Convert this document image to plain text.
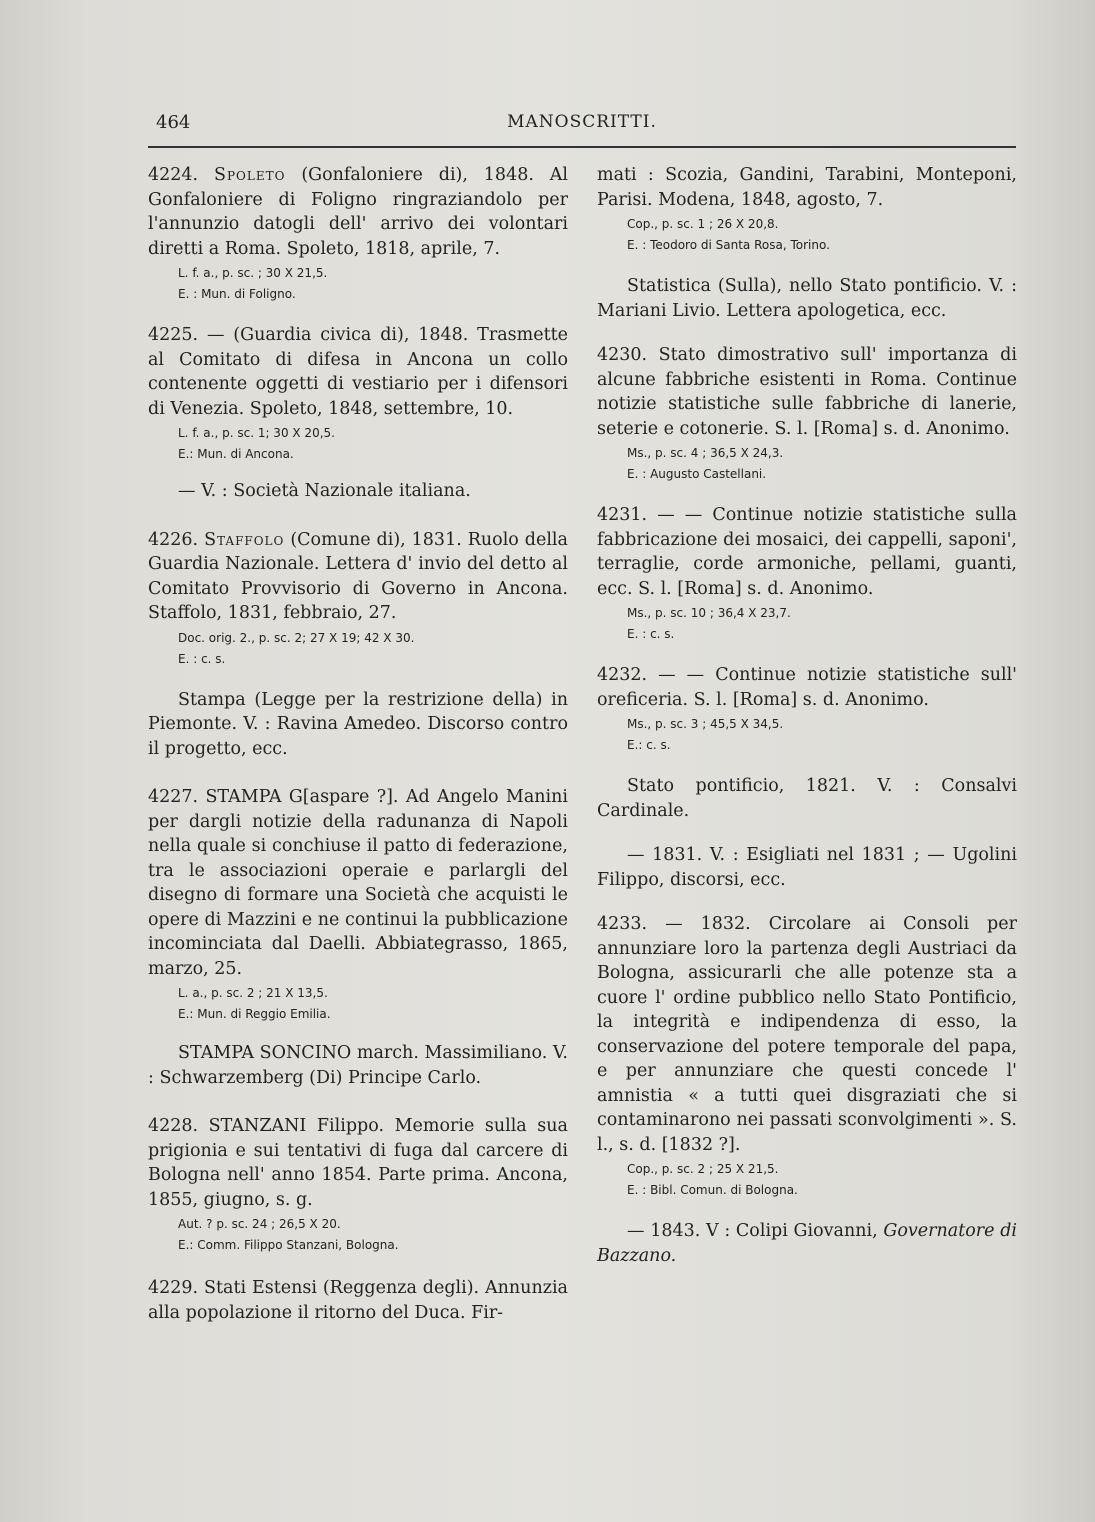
464	MANOSCRITTI.
4224. Spoleto (Gonfaloniere di), 1848. Al Gonfaloniere di Foligno ringraziandolo per l'annunzio datogli dell' arrivo dei volontari diretti a Roma. Spoleto, 1818, aprile, 7.
L. f. a., p. sc. ; 30 X 21,5.
E. : Mun. di Foligno.
4225. — (Guardia civica di), 1848. Trasmette al Comitato di difesa in Ancona un collo contenente oggetti di vestiario per i difensori di Venezia. Spoleto, 1848, settembre, 10.
L. f. a., p. sc. 1; 30 X 20,5.
E.: Mun. di Ancona.
— V. : Società Nazionale italiana.
4226. Staffolo (Comune di), 1831. Ruolo della Guardia Nazionale. Lettera d' invio del detto al Comitato Provvisorio di Governo in Ancona. Staffolo, 1831, febbraio, 27.
Doc. orig. 2., p. sc. 2; 27 X 19; 42 X 30.
E. : c. s.
Stampa (Legge per la restrizione della) in Piemonte. V. : Ravina Amedeo. Discorso contro il progetto, ecc.
4227. STAMPA G[aspare ?]. Ad Angelo Manini per dargli notizie della radunanza di Napoli nella quale si conchiuse il patto di federazione, tra le associazioni operaie e parlargli del disegno di formare una Società che acquisti le opere di Mazzini e ne continui la pubblicazione incominciata dal Daelli. Abbiategrasso, 1865, marzo, 25.
L. a., p. sc. 2 ; 21 X 13,5.
E.: Mun. di Reggio Emilia.
STAMPA SONCINO march. Massimiliano. V. : Schwarzemberg (Di) Principe Carlo.
4228. STANZANI Filippo. Memorie sulla sua prigionia e sui tentativi di fuga dal carcere di Bologna nell' anno 1854. Parte prima. Ancona, 1855, giugno, s. g.
Aut. ? p. sc. 24 ; 26,5 X 20.
E.: Comm. Filippo Stanzani, Bologna.
4229. Stati Estensi (Reggenza degli). Annunzia alla popolazione il ritorno del Duca. Fir-
mati : Scozia, Gandini, Tarabini, Monteponi, Parisi. Modena, 1848, agosto, 7.
Cop., p. sc. 1 ; 26 X 20,8.
E. : Teodoro di Santa Rosa, Torino.
Statistica (Sulla), nello Stato pontificio. V. : Mariani Livio. Lettera apologetica, ecc.
4230. Stato dimostrativo sull' importanza di alcune fabbriche esistenti in Roma. Continue notizie statistiche sulle fabbriche di lanerie, seterie e cotonerie. S. l. [Roma] s. d. Anonimo.
Ms., p. sc. 4 ; 36,5 X 24,3.
E. : Augusto Castellani.
4231. — — Continue notizie statistiche sulla fabbricazione dei mosaici, dei cappelli, saponi', terraglie, corde armoniche, pellami, guanti, ecc. S. l. [Roma] s. d. Anonimo.
Ms., p. sc. 10 ; 36,4 X 23,7.
E. : c. s.
4232. — — Continue notizie statistiche sull' oreficeria. S. l. [Roma] s. d. Anonimo.
Ms., p. sc. 3 ; 45,5 X 34,5.
E.: c. s.
Stato pontificio, 1821. V. : Consalvi Cardinale.
— 1831. V. : Esigliati nel 1831 ; — Ugolini Filippo, discorsi, ecc.
4233. — 1832. Circolare ai Consoli per annunziare loro la partenza degli Austriaci da Bologna, assicurarli che alle potenze sta a cuore l' ordine pubblico nello Stato Pontificio, la integrità e indipendenza di esso, la conservazione del potere temporale del papa, e per annunziare che questi concede l' amnistia « a tutti quei disgraziati che si contaminarono nei passati sconvolgimenti ». S. l., s. d. [1832 ?].
Cop., p. sc. 2 ; 25 X 21,5.
E. : Bibl. Comun. di Bologna.
— 1843. V : Colipi Giovanni, Governatore di Bazzano.
